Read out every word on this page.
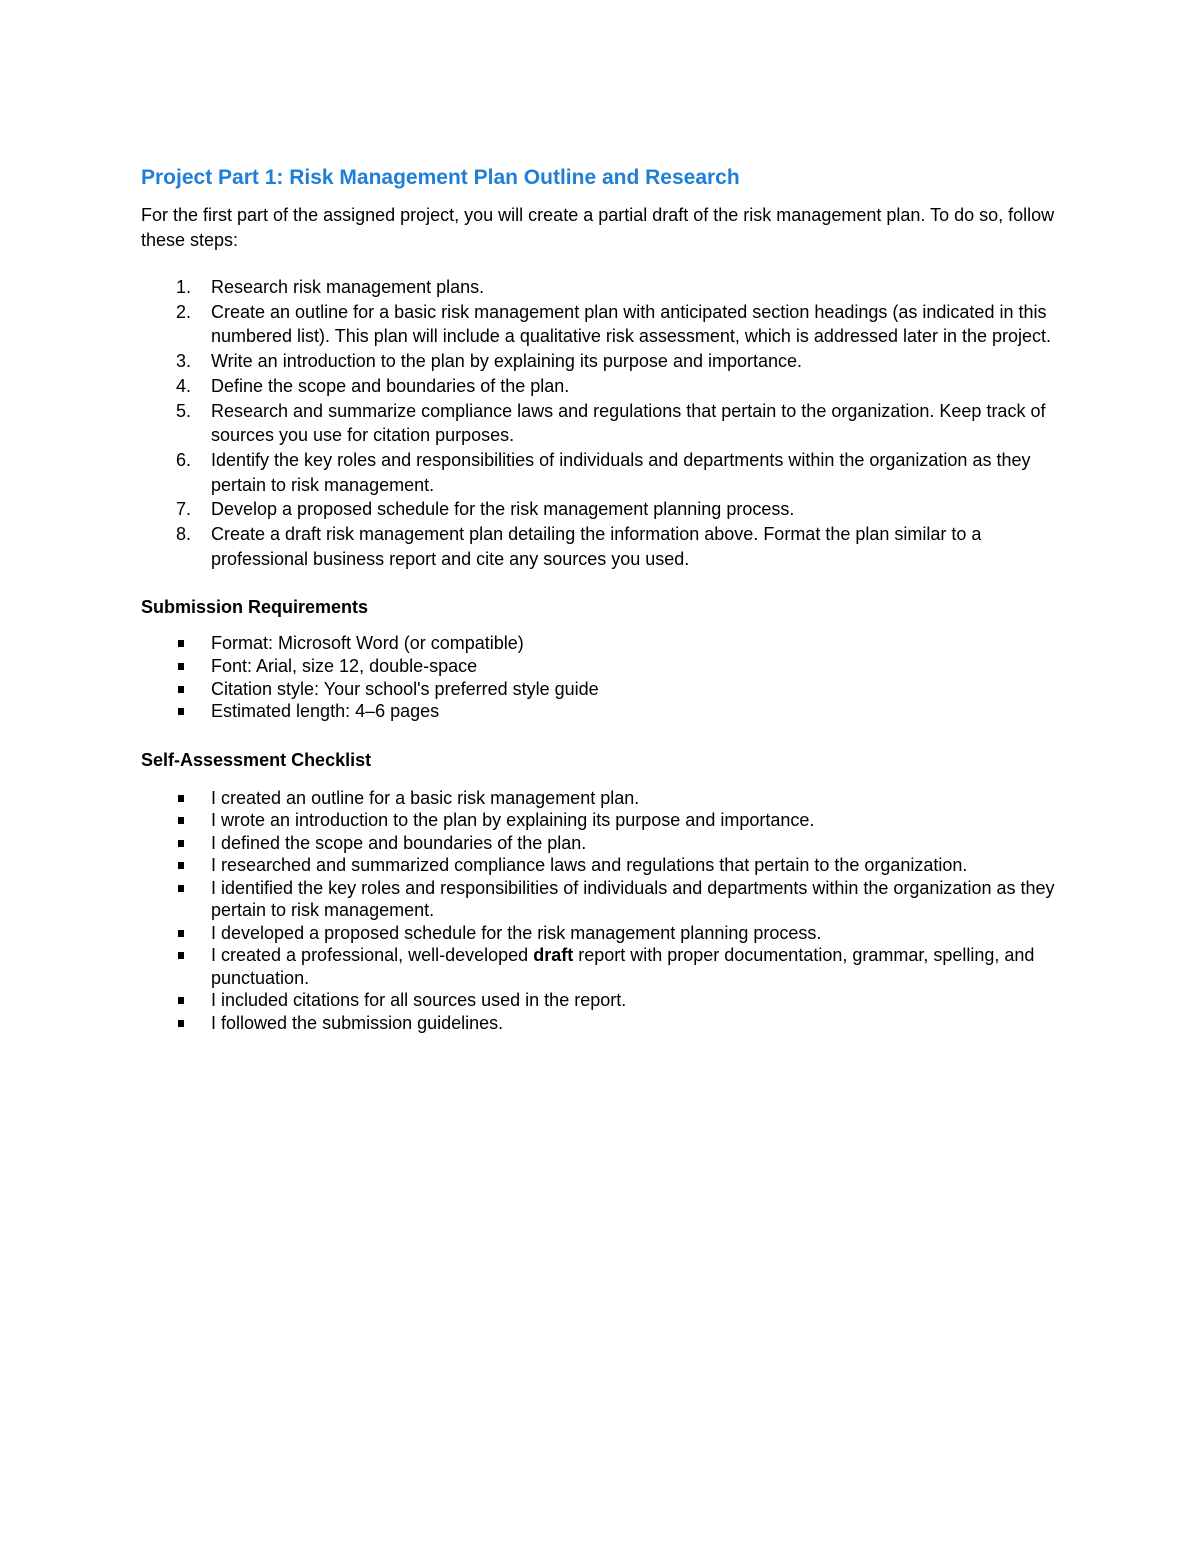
Project Part 1: Risk Management Plan Outline and Research

For the first part of the assigned project, you will create a partial draft of the risk management plan. To do so, follow these steps:

1. Research risk management plans.
2. Create an outline for a basic risk management plan with anticipated section headings (as indicated in this numbered list). This plan will include a qualitative risk assessment, which is addressed later in the project.
3. Write an introduction to the plan by explaining its purpose and importance.
4. Define the scope and boundaries of the plan.
5. Research and summarize compliance laws and regulations that pertain to the organization. Keep track of sources you use for citation purposes.
6. Identify the key roles and responsibilities of individuals and departments within the organization as they pertain to risk management.
7. Develop a proposed schedule for the risk management planning process.
8. Create a draft risk management plan detailing the information above. Format the plan similar to a professional business report and cite any sources you used.
Submission Requirements
Format: Microsoft Word (or compatible)
Font: Arial, size 12, double-space
Citation style: Your school's preferred style guide
Estimated length: 4–6 pages
Self-Assessment Checklist
I created an outline for a basic risk management plan.
I wrote an introduction to the plan by explaining its purpose and importance.
I defined the scope and boundaries of the plan.
I researched and summarized compliance laws and regulations that pertain to the organization.
I identified the key roles and responsibilities of individuals and departments within the organization as they pertain to risk management.
I developed a proposed schedule for the risk management planning process.
I created a professional, well-developed draft report with proper documentation, grammar, spelling, and punctuation.
I included citations for all sources used in the report.
I followed the submission guidelines.
